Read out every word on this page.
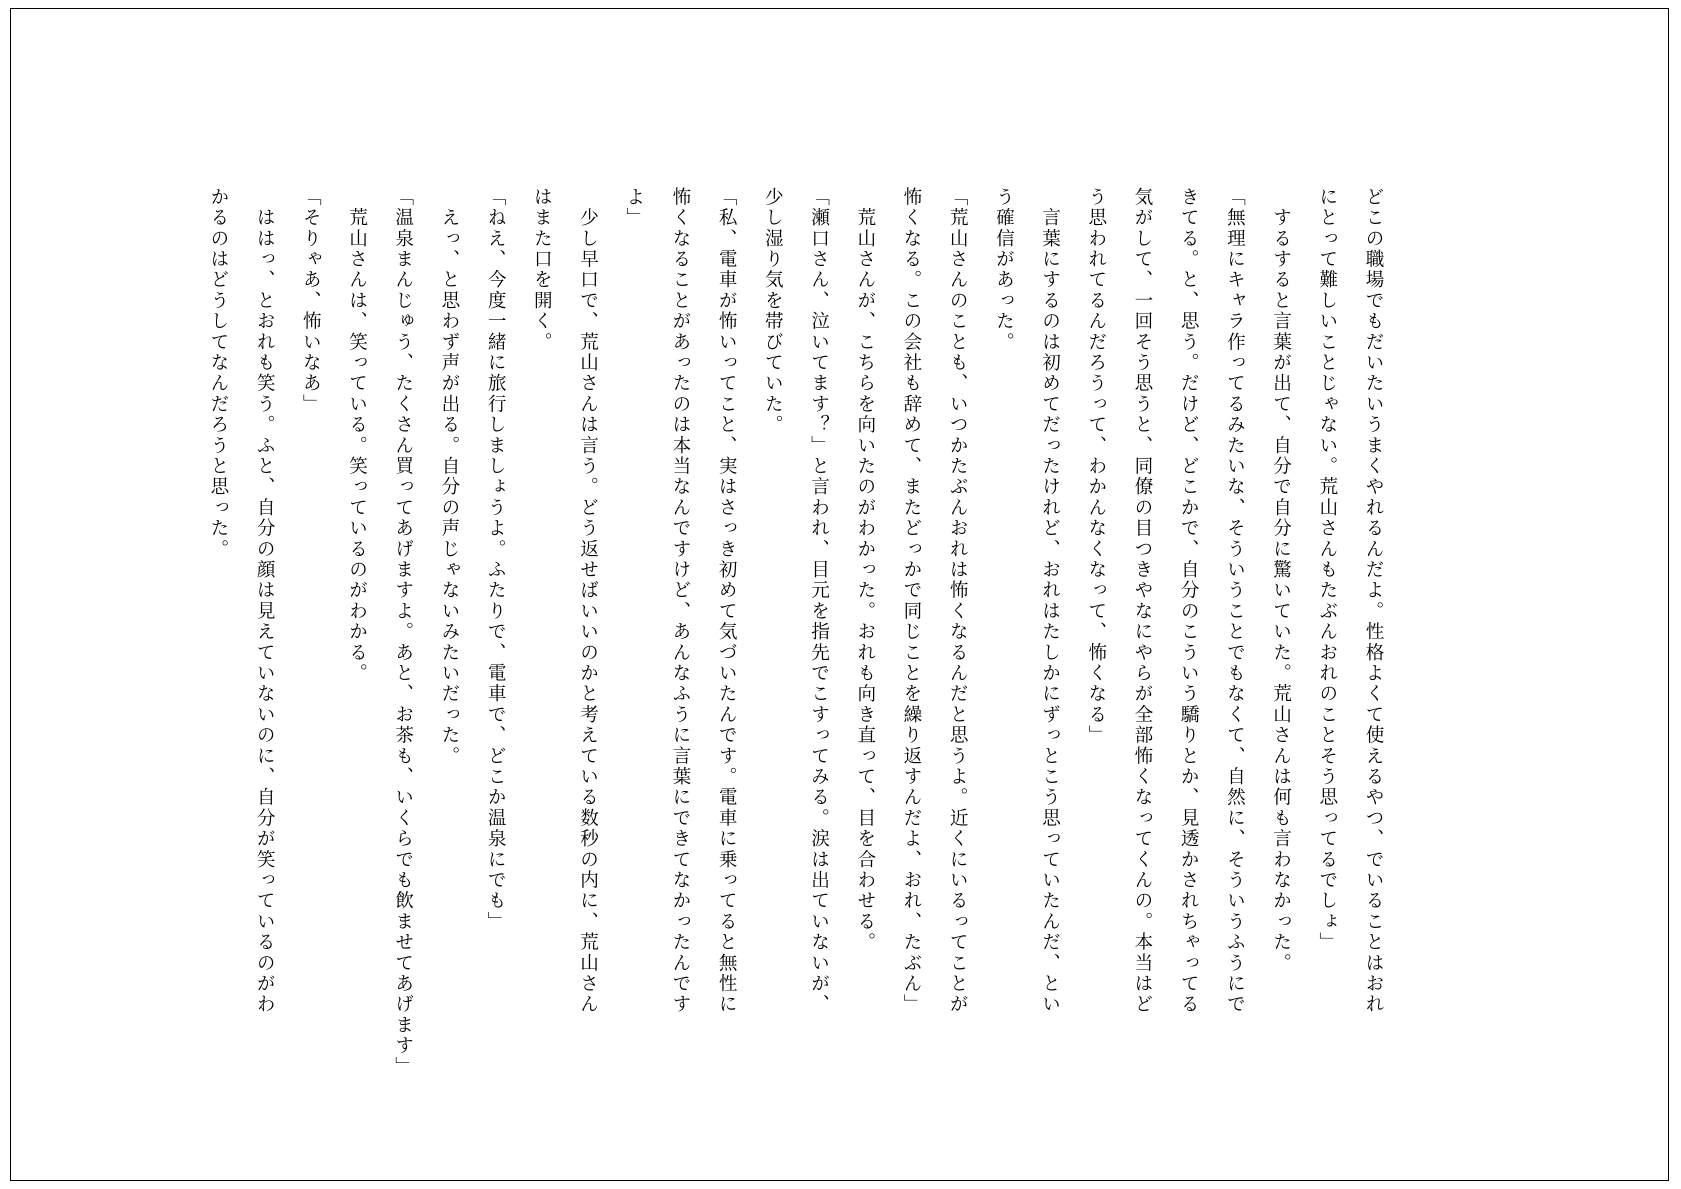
どこの職場でもだいたいうまくやれるんだよ。性格よくて使えるやつ、でいることはおれ
にとって難しいことじゃない。荒山さんもたぶんおれのことそう思ってるでしょ」
　するすると言葉が出て、自分で自分に驚いていた。荒山さんは何も言わなかった。
「無理にキャラ作ってるみたいな、そういうことでもなくて、自然に、そういうふうにで
きてる。と、思う。だけど、どこかで、自分のこういう驕りとか、見透かされちゃってる
気がして、一回そう思うと、同僚の目つきやなにやらが全部怖くなってくんの。本当はど
う思われてるんだろうって、わかんなくなって、怖くなる」
　言葉にするのは初めてだったけれど、おれはたしかにずっとこう思っていたんだ、とい
う確信があった。
「荒山さんのことも、いつかたぶんおれは怖くなるんだと思うよ。近くにいるってことが
怖くなる。この会社も辞めて、またどっかで同じことを繰り返すんだよ、おれ、たぶん」
　荒山さんが、こちらを向いたのがわかった。おれも向き直って、目を合わせる。
「瀬口さん、泣いてます？」と言われ、目元を指先でこすってみる。涙は出ていないが、
少し湿り気を帯びていた。
「私、電車が怖いってこと、実はさっき初めて気づいたんです。電車に乗ってると無性に
怖くなることがあったのは本当なんですけど、あんなふうに言葉にできてなかったんです
よ」
　少し早口で、荒山さんは言う。どう返せばいいのかと考えている数秒の内に、荒山さん
はまた口を開く。
「ねえ、今度一緒に旅行しましょうよ。ふたりで、電車で、どこか温泉にでも」
　えっ、と思わず声が出る。自分の声じゃないみたいだった。
「温泉まんじゅう、たくさん買ってあげますよ。あと、お茶も、いくらでも飲ませてあげます」
　荒山さんは、笑っている。笑っているのがわかる。
「そりゃあ、怖いなあ」
　ははっ、とおれも笑う。ふと、自分の顔は見えていないのに、自分が笑っているのがわ
かるのはどうしてなんだろうと思った。
